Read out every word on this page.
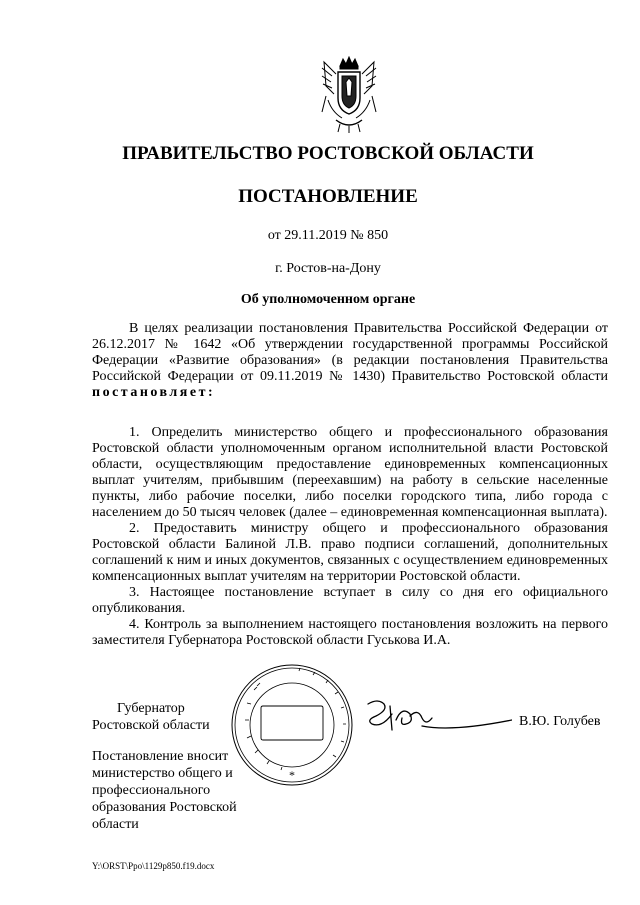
ПРАВИТЕЛЬСТВО РОСТОВСКОЙ ОБЛАСТИ
ПОСТАНОВЛЕНИЕ
от 29.11.2019 № 850
г. Ростов-на-Дону
Об уполномоченном органе

В целях реализации постановления Правительства Российской Федерации от 26.12.2017 № 1642 «Об утверждении государственной программы Российской Федерации «Развитие образования» (в редакции постановления Правительства Российской Федерации от 09.11.2019 № 1430) Правительство Ростовской области постановляет:

1. Определить министерство общего и профессионального образования Ростовской области уполномоченным органом исполнительной власти Ростовской области, осуществляющим предоставление единовременных компенсационных выплат учителям, прибывшим (переехавшим) на работу в сельские населенные пункты, либо рабочие поселки, либо поселки городского типа, либо города с населением до 50 тысяч человек (далее – единовременная компенсационная выплата).

2. Предоставить министру общего и профессионального образования Ростовской области Балиной Л.В. право подписи соглашений, дополнительных соглашений к ним и иных документов, связанных с осуществлением единовременных компенсационных выплат учителям на территории Ростовской области.

3. Настоящее постановление вступает в силу со дня его официального опубликования.

4. Контроль за выполнением настоящего постановления возложить на первого заместителя Губернатора Ростовской области Гуськова И.А.

Губернатор
Ростовской области
Постановление вносит министерство общего и профессионального образования Ростовской области
*
В.Ю. Голубев
Y:\ORST\Ppo\1129p850.f19.docx
